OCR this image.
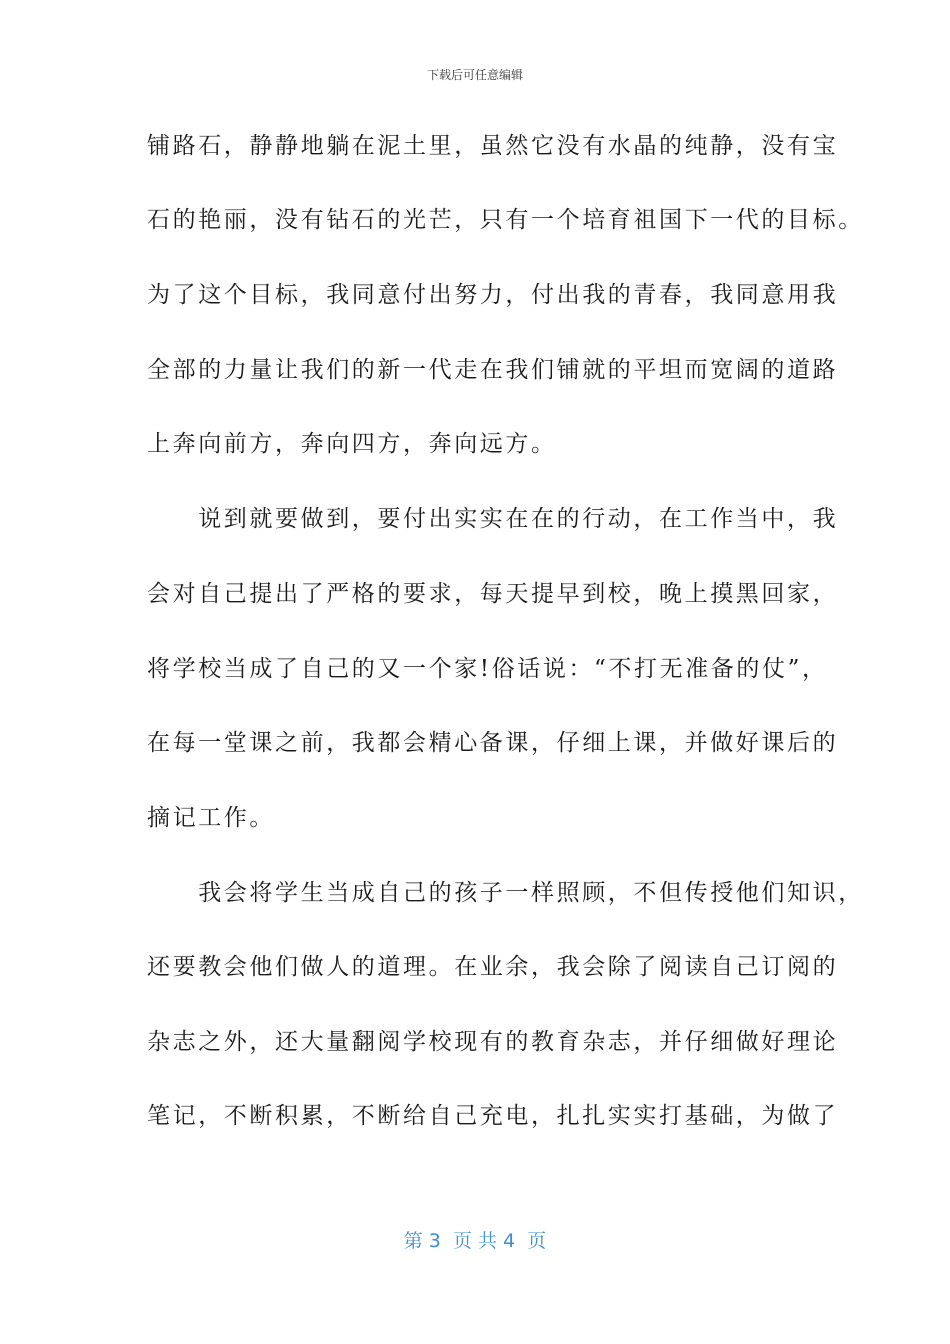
下载后可任意编辑
铺路石，静静地躺在泥土里，虽然它没有水晶的纯静，没有宝
石的艳丽，没有钻石的光芒，只有一个培育祖国下一代的目标。
为了这个目标，我同意付出努力，付出我的青春，我同意用我
全部的力量让我们的新一代走在我们铺就的平坦而宽阔的道路
上奔向前方，奔向四方，奔向远方。
　　说到就要做到，要付出实实在在的行动，在工作当中，我
会对自己提出了严格的要求，每天提早到校，晚上摸黑回家，
将学校当成了自己的又一个家!俗话说：“不打无准备的仗”，
在每一堂课之前，我都会精心备课，仔细上课，并做好课后的
摘记工作。
　　我会将学生当成自己的孩子一样照顾，不但传授他们知识，
还要教会他们做人的道理。在业余，我会除了阅读自己订阅的
杂志之外，还大量翻阅学校现有的教育杂志，并仔细做好理论
笔记，不断积累，不断给自己充电，扎扎实实打基础，为做了
第 3  页 共 4  页
